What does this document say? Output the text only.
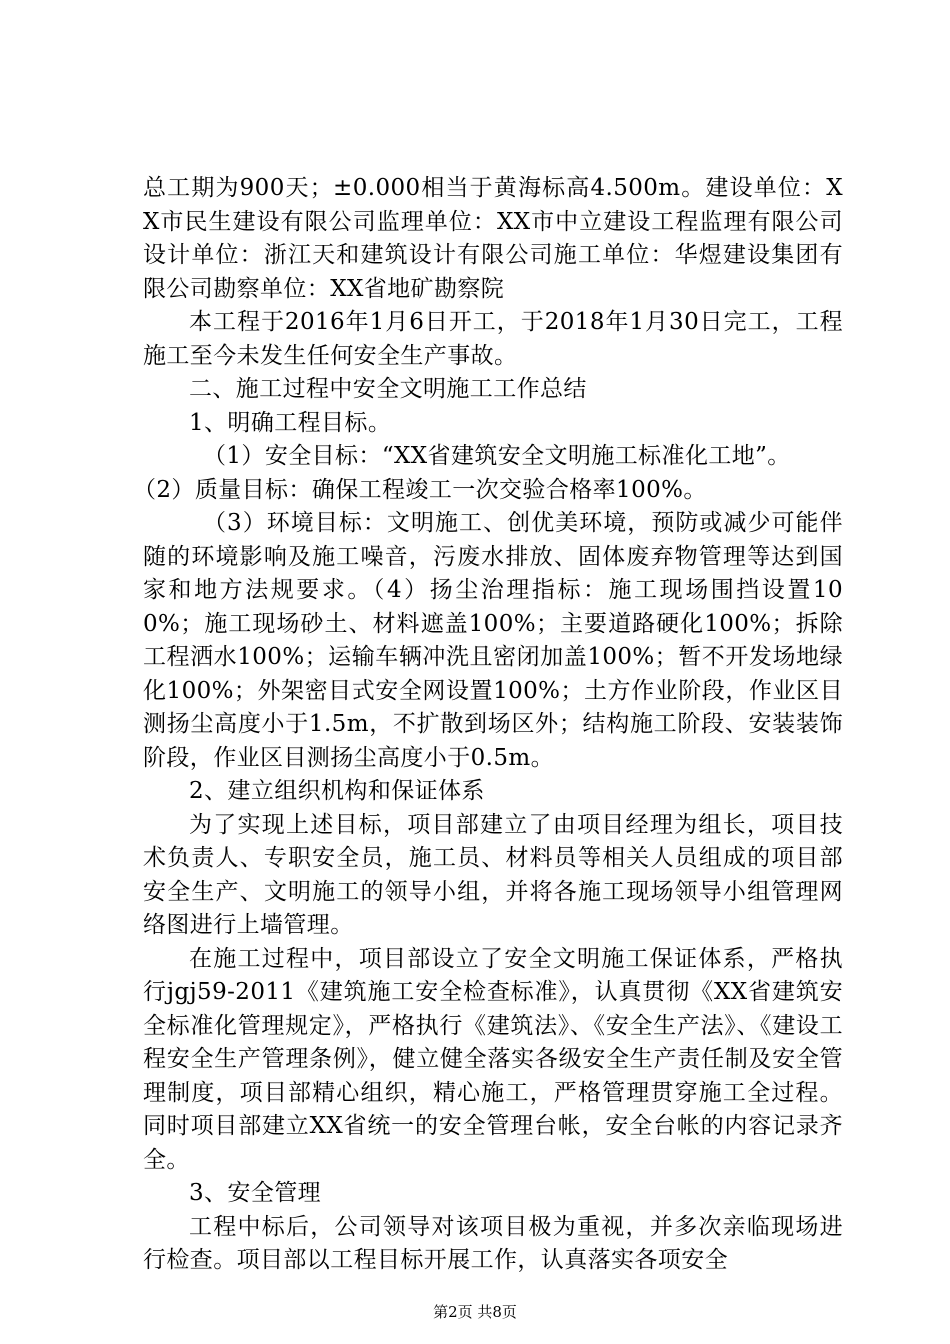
总工期为900天；±0.000相当于黄海标高4.500m。建设单位：XX市民生建设有限公司监理单位：XX市中立建设工程监理有限公司设计单位：浙江天和建筑设计有限公司施工单位：华煜建设集团有限公司勘察单位：XX省地矿勘察院

本工程于2016年1月6日开工，于2018年1月30日完工，工程施工至今未发生任何安全生产事故。

二、施工过程中安全文明施工工作总结

1、明确工程目标。

（1）安全目标：“XX省建筑安全文明施工标准化工地”。

（2）质量目标：确保工程竣工一次交验合格率100%。

（3）环境目标：文明施工、创优美环境，预防或减少可能伴随的环境影响及施工噪音，污废水排放、固体废弃物管理等达到国家和地方法规要求。（4）扬尘治理指标：施工现场围挡设置100%；施工现场砂土、材料遮盖100%；主要道路硬化100%；拆除工程洒水100%；运输车辆冲洗且密闭加盖100%；暂不开发场地绿化100%；外架密目式安全网设置100%；土方作业阶段，作业区目测扬尘高度小于1.5m，不扩散到场区外；结构施工阶段、安装装饰阶段，作业区目测扬尘高度小于0.5m。

2、建立组织机构和保证体系

为了实现上述目标，项目部建立了由项目经理为组长，项目技术负责人、专职安全员，施工员、材料员等相关人员组成的项目部安全生产、文明施工的领导小组，并将各施工现场领导小组管理网络图进行上墙管理。

在施工过程中，项目部设立了安全文明施工保证体系，严格执行jgj59-2011《建筑施工安全检查标准》，认真贯彻《XX省建筑安全标准化管理规定》，严格执行《建筑法》、《安全生产法》、《建设工程安全生产管理条例》，健立健全落实各级安全生产责任制及安全管理制度，项目部精心组织，精心施工，严格管理贯穿施工全过程。同时项目部建立XX省统一的安全管理台帐，安全台帐的内容记录齐全。

3、安全管理

工程中标后，公司领导对该项目极为重视，并多次亲临现场进行检查。项目部以工程目标开展工作，认真落实各项安全

第2页 共8页
